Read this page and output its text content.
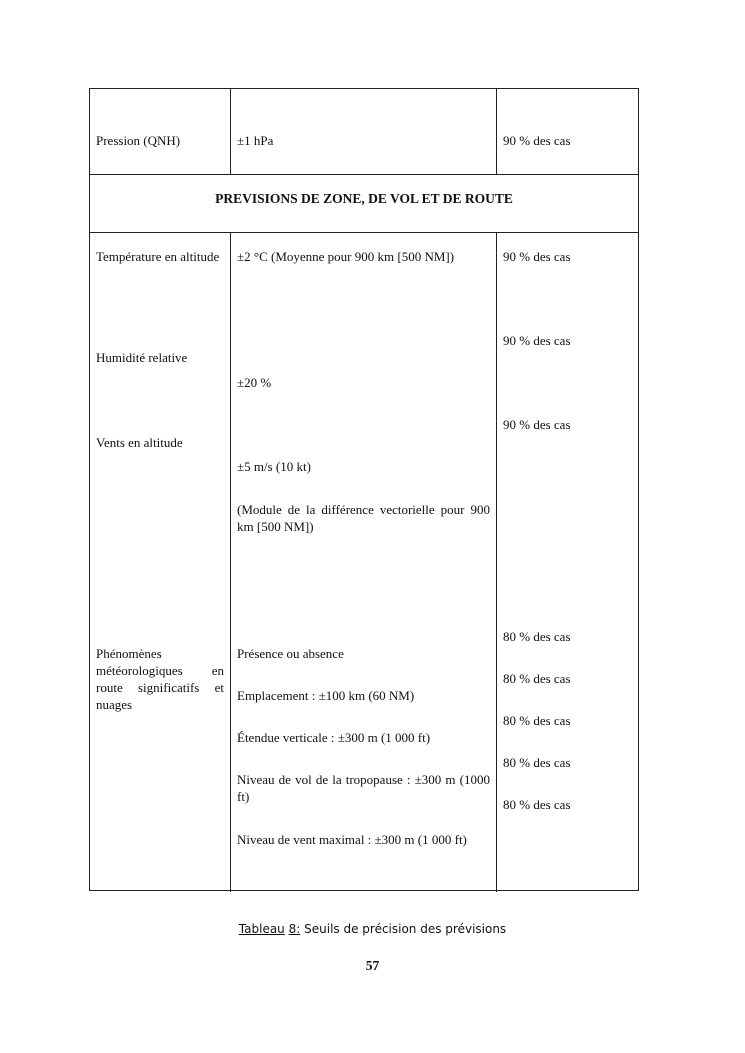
Pression (QNH)	±1 hPa	90 % des cas
PREVISIONS DE ZONE, DE VOL ET DE ROUTE
Température en altitude
Humidité relative
Vents en altitude
Phénomènes météorologiques en route significatifs et nuages
±2 °C (Moyenne pour 900 km [500 NM])
±20 %
±5 m/s (10 kt)
(Module de la différence vectorielle pour 900 km [500 NM])
Présence ou absence
Emplacement : ±100 km (60 NM)
Étendue verticale : ±300 m (1 000 ft)
Niveau de vol de la tropopause : ±300 m (1000 ft)
Niveau de vent maximal : ±300 m (1 000 ft)
90 % des cas
90 % des cas
90 % des cas
80 % des cas
80 % des cas
80 % des cas
80 % des cas
80 % des cas
Tableau 8: Seuils de précision des prévisions
57
